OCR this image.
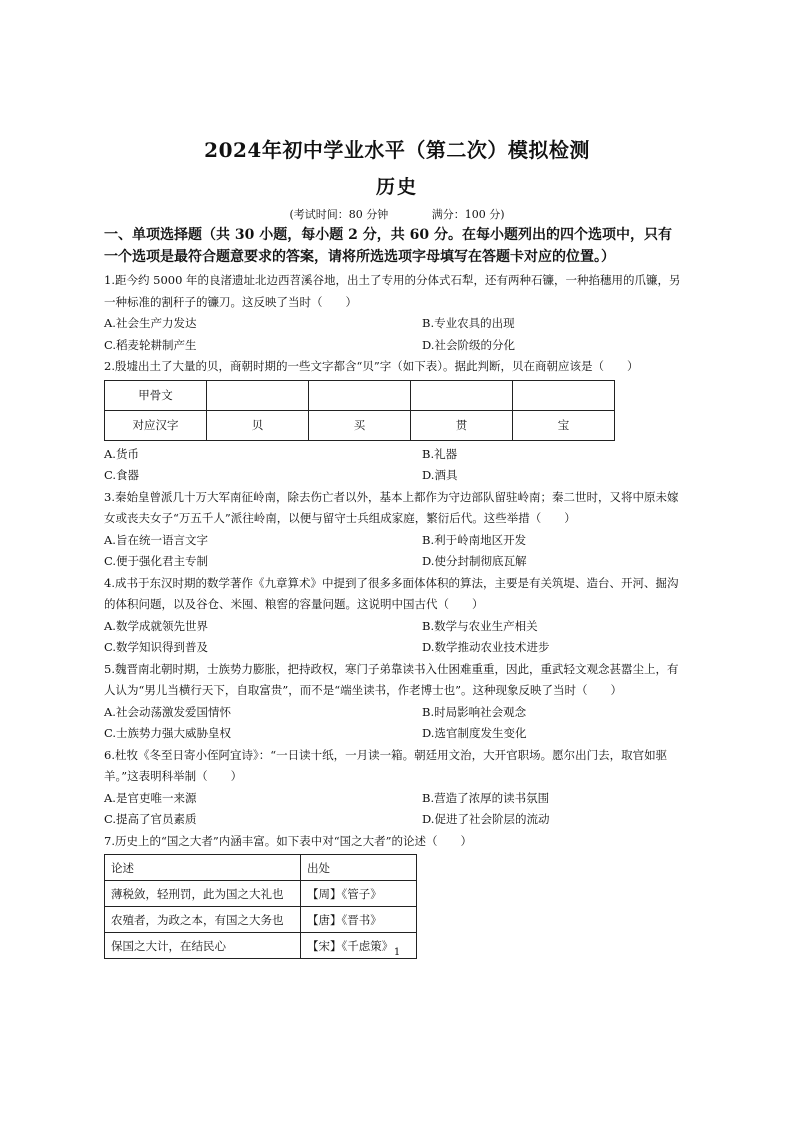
2024年初中学业水平（第二次）模拟检测
历史
(考试时间：80 分钟	满分：100 分)

一、单项选择题（共 30 小题，每小题 2 分，共 60 分。在每小题列出的四个选项中，只有一个选项是最符合题意要求的答案，请将所选选项字母填写在答题卡对应的位置。）

1.距今约 5000 年的良渚遗址北边西苕溪谷地，出土了专用的分体式石犁，还有两种石镰，一种掐穗用的爪镰，另一种标准的割秆子的镰刀。这反映了当时（　　）

A.社会生产力发达	B.专业农具的出现
C.稻麦轮耕制产生	D.社会阶级的分化

2.殷墟出土了大量的贝，商朝时期的一些文字都含“贝”字（如下表）。据此判断，贝在商朝应该是（　　）

甲骨文				
对应汉字	贝	买	贯	宝
A.货币	B.礼器
C.食器	D.酒具

3.秦始皇曾派几十万大军南征岭南，除去伤亡者以外，基本上都作为守边部队留驻岭南；秦二世时，又将中原未嫁女或丧夫女子“万五千人”派往岭南，以便与留守士兵组成家庭，繁衍后代。这些举措（　　）

A.旨在统一语言文字	B.利于岭南地区开发
C.便于强化君主专制	D.使分封制彻底瓦解

4.成书于东汉时期的数学著作《九章算术》中提到了很多多面体体积的算法，主要是有关筑堤、造台、开河、掘沟的体积问题，以及谷仓、米囤、粮窖的容量问题。这说明中国古代（　　）

A.数学成就领先世界	B.数学与农业生产相关
C.数学知识得到普及	D.数学推动农业技术进步

5.魏晋南北朝时期，士族势力膨胀，把持政权，寒门子弟靠读书入仕困难重重，因此，重武轻文观念甚嚣尘上，有人认为“男儿当横行天下，自取富贵”，而不是“端坐读书，作老博士也”。这种现象反映了当时（　　）

A.社会动荡激发爱国情怀	B.时局影响社会观念
C.士族势力强大威胁皇权	D.选官制度发生变化

6.杜牧《冬至日寄小侄阿宜诗》：“一日读十纸，一月读一箱。朝廷用文治，大开官职场。愿尔出门去，取官如驱羊。”这表明科举制（　　）

A.是官吏唯一来源	B.营造了浓厚的读书氛围
C.提高了官员素质	D.促进了社会阶层的流动

7.历史上的“国之大者”内涵丰富。如下表中对“国之大者”的论述（　　）

论述	出处
薄税敛，轻刑罚，此为国之大礼也	【周】《管子》
农殖者，为政之本，有国之大务也	【唐】《晋书》
保国之大计，在结民心	【宋】《千虑策》 1
